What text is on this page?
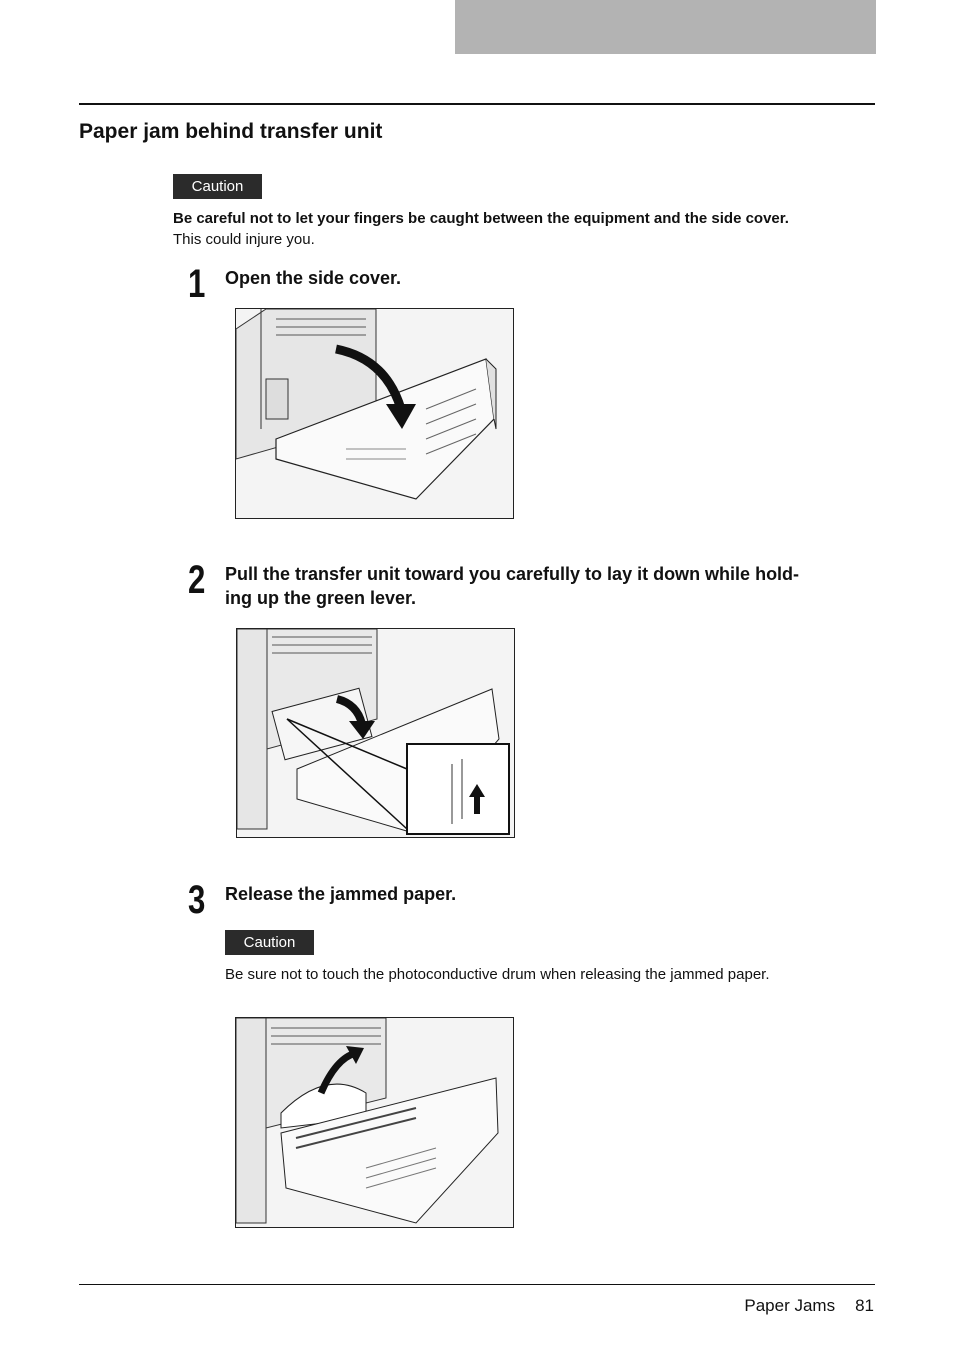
Paper jam behind transfer unit
Caution

Be careful not to let your fingers be caught between the equipment and the side cover.

This could injure you.

1 Open the side cover.

2 Pull the transfer unit toward you carefully to lay it down while hold-

ing up the green lever.

3 Release the jammed paper.

Caution

Be sure not to touch the photoconductive drum when releasing the jammed paper.

Paper Jams 81
